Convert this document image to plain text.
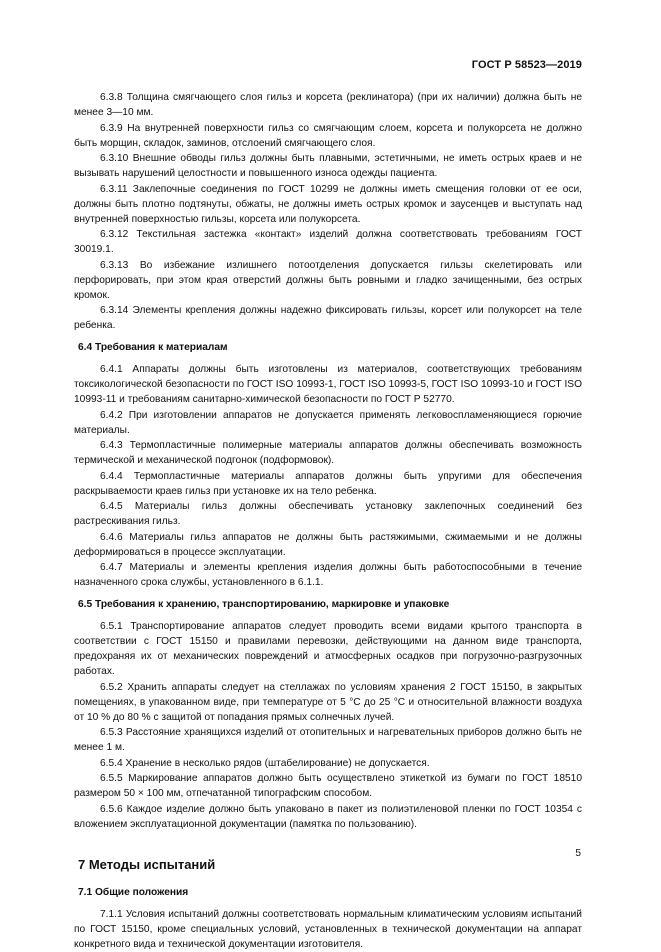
ГОСТ Р 58523—2019

6.3.8 Толщина смягчающего слоя гильз и корсета (реклинатора) (при их наличии) должна быть не менее 3—10 мм.

6.3.9 На внутренней поверхности гильз со смягчающим слоем, корсета и полукорсета не должно быть морщин, складок, заминов, отслоений смягчающего слоя.

6.3.10 Внешние обводы гильз должны быть плавными, эстетичными, не иметь острых краев и не вызывать нарушений целостности и повышенного износа одежды пациента.

6.3.11 Заклепочные соединения по ГОСТ 10299 не должны иметь смещения головки от ее оси, должны быть плотно подтянуты, обжаты, не должны иметь острых кромок и заусенцев и выступать над внутренней поверхностью гильзы, корсета или полукорсета.

6.3.12 Текстильная застежка «контакт» изделий должна соответствовать требованиям ГОСТ 30019.1.

6.3.13 Во избежание излишнего потоотделения допускается гильзы скелетировать или перфорировать, при этом края отверстий должны быть ровными и гладко зачищенными, без острых кромок.

6.3.14 Элементы крепления должны надежно фиксировать гильзы, корсет или полукорсет на теле ребенка.

6.4 Требования к материалам

6.4.1 Аппараты должны быть изготовлены из материалов, соответствующих требованиям токсикологической безопасности по ГОСТ ISO 10993-1, ГОСТ ISO 10993-5, ГОСТ ISO 10993-10 и ГОСТ ISO 10993-11 и требованиям санитарно-химической безопасности по ГОСТ Р 52770.

6.4.2 При изготовлении аппаратов не допускается применять легковоспламеняющиеся горючие материалы.

6.4.3 Термопластичные полимерные материалы аппаратов должны обеспечивать возможность термической и механической подгонок (подформовок).

6.4.4 Термопластичные материалы аппаратов должны быть упругими для обеспечения раскрываемости краев гильз при установке их на тело ребенка.

6.4.5 Материалы гильз должны обеспечивать установку заклепочных соединений без растрескивания гильз.

6.4.6 Материалы гильз аппаратов не должны быть растяжимыми, сжимаемыми и не должны деформироваться в процессе эксплуатации.

6.4.7 Материалы и элементы крепления изделия должны быть работоспособными в течение назначенного срока службы, установленного в 6.1.1.

6.5 Требования к хранению, транспортированию, маркировке и упаковке

6.5.1 Транспортирование аппаратов следует проводить всеми видами крытого транспорта в соответствии с ГОСТ 15150 и правилами перевозки, действующими на данном виде транспорта, предохраняя их от механических повреждений и атмосферных осадков при погрузочно-разгрузочных работах.

6.5.2 Хранить аппараты следует на стеллажах по условиям хранения 2 ГОСТ 15150, в закрытых помещениях, в упакованном виде, при температуре от 5 °С до 25 °С и относительной влажности воздуха от 10 % до 80 % с защитой от попадания прямых солнечных лучей.

6.5.3 Расстояние хранящихся изделий от отопительных и нагревательных приборов должно быть не менее 1 м.

6.5.4 Хранение в несколько рядов (штабелирование) не допускается.

6.5.5 Маркирование аппаратов должно быть осуществлено этикеткой из бумаги по ГОСТ 18510 размером 50 × 100 мм, отпечатанной типографским способом.

6.5.6 Каждое изделие должно быть упаковано в пакет из полиэтиленовой пленки по ГОСТ 10354 с вложением эксплуатационной документации (памятка по пользованию).

7 Методы испытаний
7.1 Общие положения

7.1.1 Условия испытаний должны соответствовать нормальным климатическим условиям испытаний по ГОСТ 15150, кроме специальных условий, установленных в технической документации на аппарат конкретного вида и технической документации изготовителя.

5
